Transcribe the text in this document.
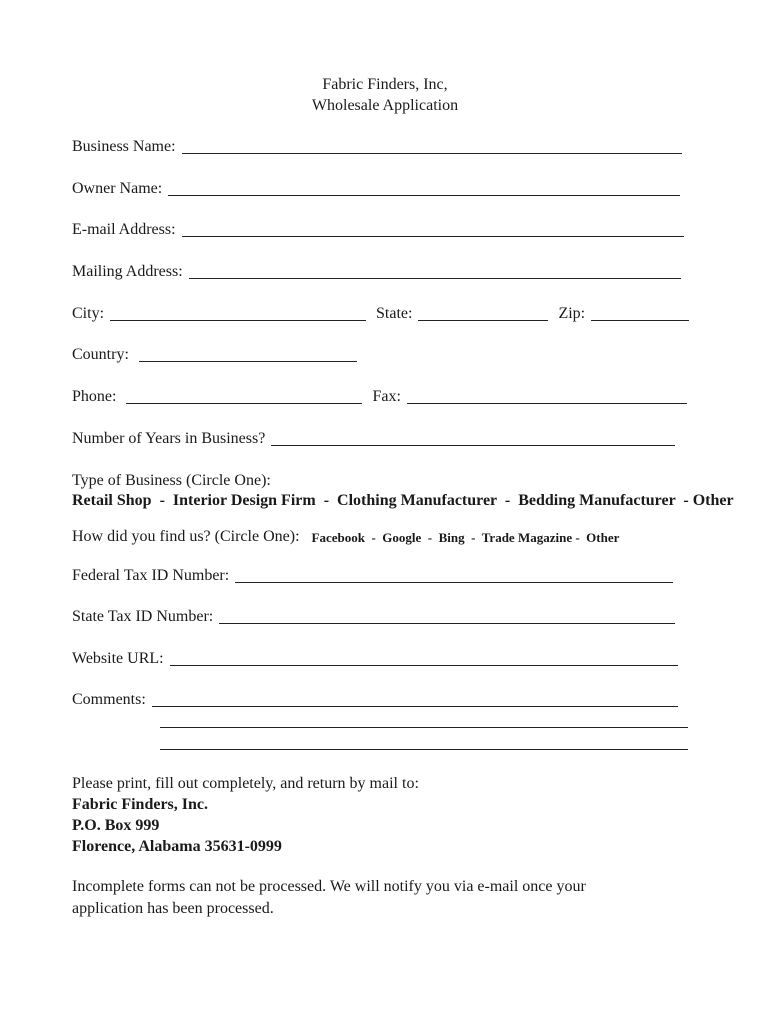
Fabric Finders, Inc,
Wholesale Application
Business Name:
Owner Name:
E-mail Address:
Mailing Address:
City:	State:	Zip:
Country:
Phone:	Fax:
Number of Years in Business?
Type of Business (Circle One):
Retail Shop  -  Interior Design Firm  -  Clothing Manufacturer  -  Bedding Manufacturer  - Other
How did you find us? (Circle One): Facebook  -  Google  -  Bing  -  Trade Magazine -  Other
Federal Tax ID Number:
State Tax ID Number:
Website URL:
Comments:
Please print, fill out completely, and return by mail to:
Fabric Finders, Inc.
P.O. Box 999
Florence, Alabama 35631-0999
Incomplete forms can not be processed. We will notify you via e-mail once your
application has been processed.
